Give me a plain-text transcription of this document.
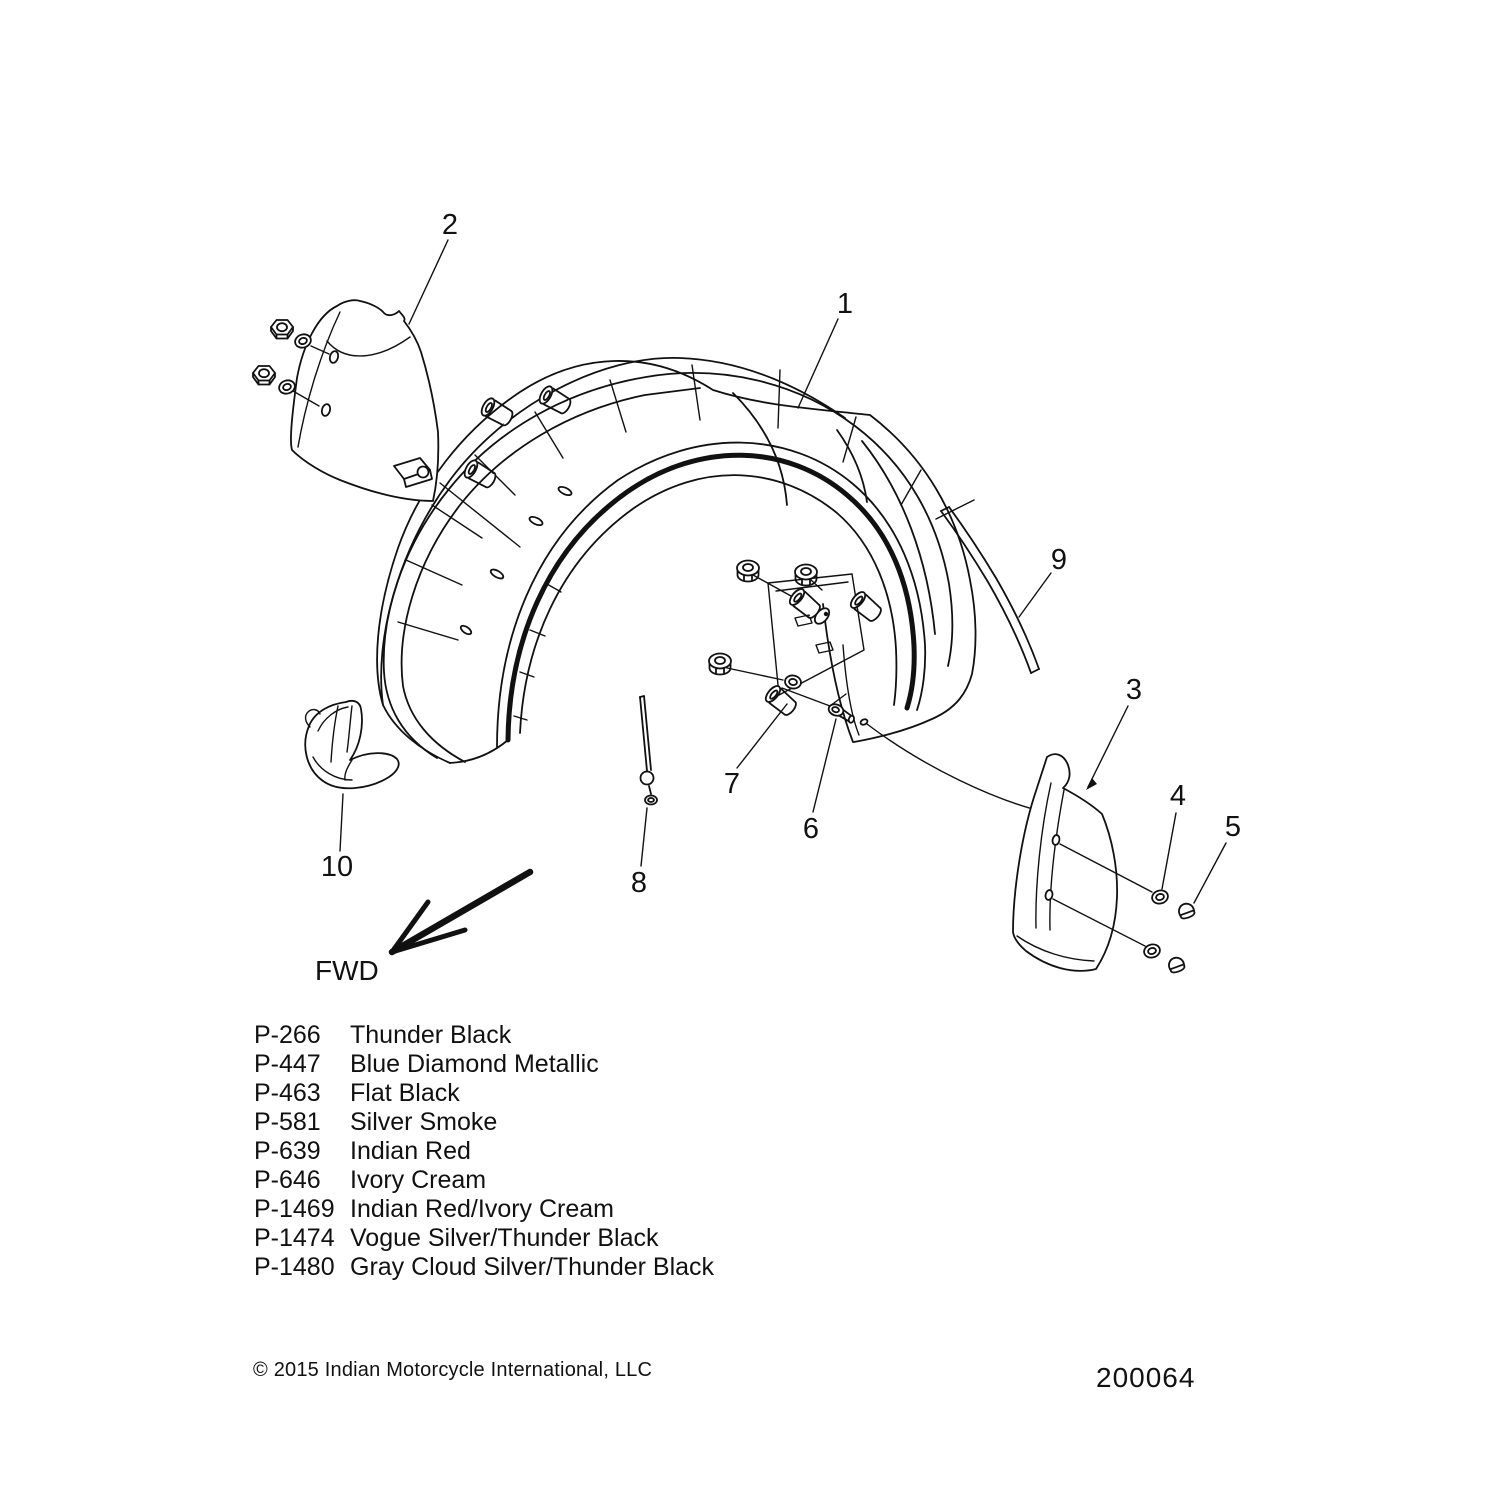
FWD
1
2
3
4
5
6
7
8
9
10
P-266	Thunder Black
P-447	Blue Diamond Metallic
P-463	Flat Black
P-581	Silver Smoke
P-639	Indian Red
P-646	Ivory Cream
P-1469 Indian Red/Ivory Cream
P-1474 Vogue Silver/Thunder Black
P-1480 Gray Cloud Silver/Thunder Black
© 2015 Indian Motorcycle International, LLC	200064
